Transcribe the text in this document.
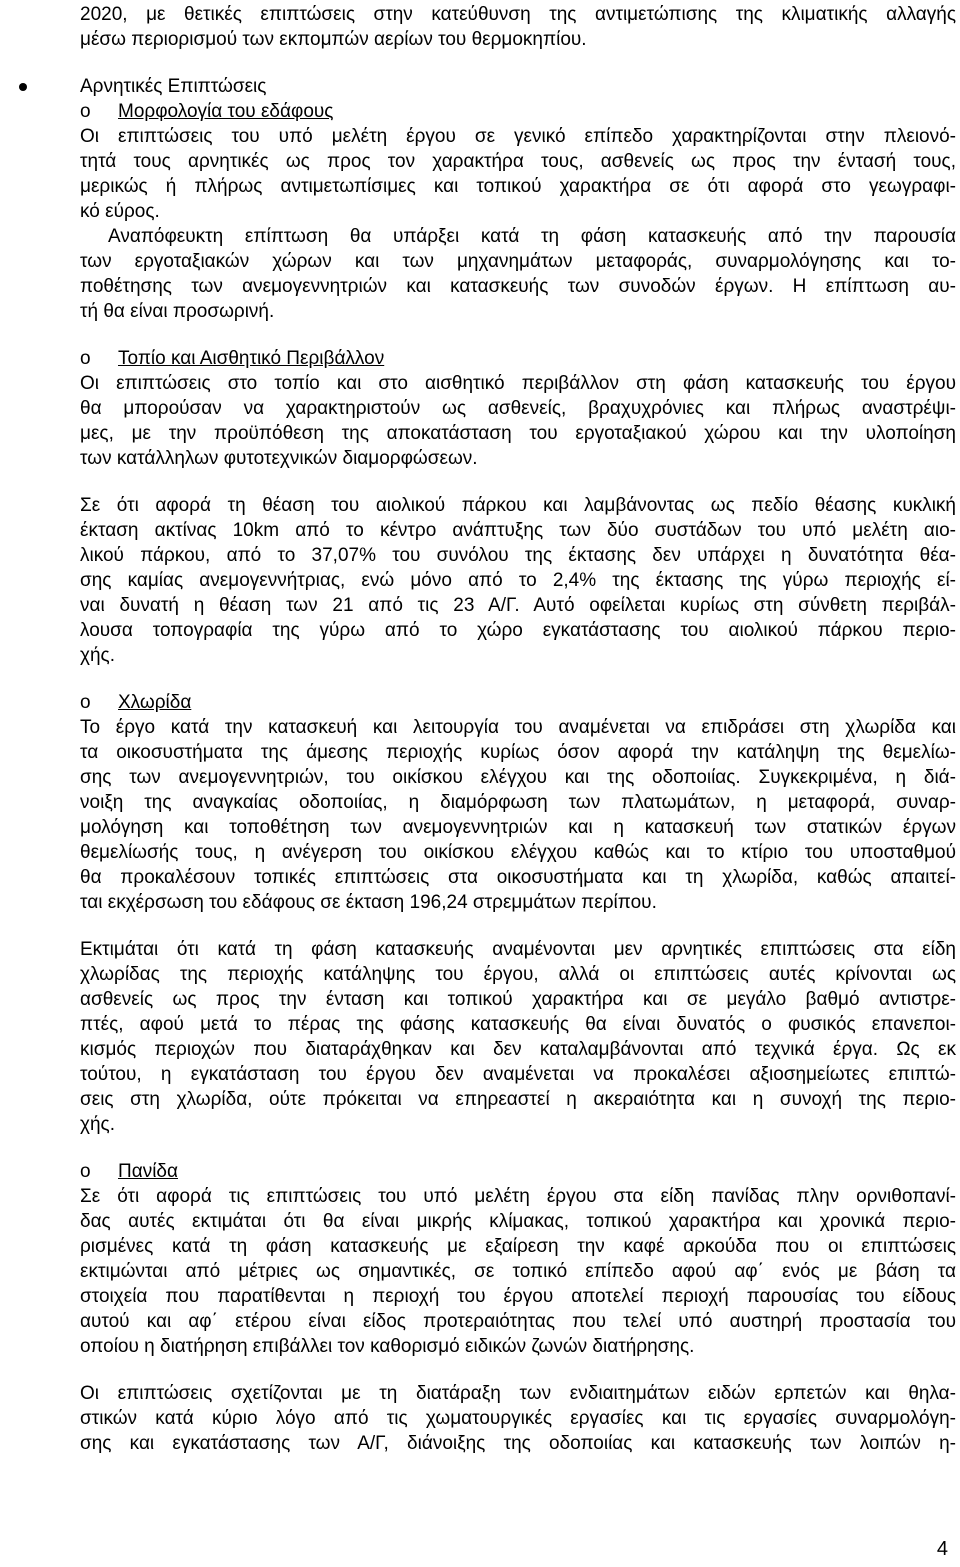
2020, με θετικές επιπτώσεις στην κατεύθυνση της αντιμετώπισης της κλιματικής αλλαγής
μέσω περιορισμού των εκπομπών αερίων του θερμοκηπίου.
Αρνητικές Επιπτώσεις
o Μορφολογία του εδάφους
Οι επιπτώσεις του υπό μελέτη έργου σε γενικό επίπεδο χαρακτηρίζονται στην πλειονό-
τητά τους αρνητικές ως προς τον χαρακτήρα τους, ασθενείς ως προς την έντασή τους,
μερικώς ή πλήρως αντιμετωπίσιμες και τοπικού χαρακτήρα σε ότι αφορά στο γεωγραφι-
κό εύρος.
Αναπόφευκτη επίπτωση θα υπάρξει κατά τη φάση κατασκευής από την παρουσία
των εργοταξιακών χώρων και των μηχανημάτων μεταφοράς, συναρμολόγησης και το-
ποθέτησης των ανεμογεννητριών και κατασκευής των συνοδών έργων. Η επίπτωση αυ-
τή θα είναι προσωρινή.
o Τοπίο και Αισθητικό Περιβάλλον
Οι επιπτώσεις στο τοπίο και στο αισθητικό περιβάλλον στη φάση κατασκευής του έργου
θα μπορούσαν να χαρακτηριστούν ως ασθενείς, βραχυχρόνιες και πλήρως αναστρέψι-
μες, με την προϋπόθεση της αποκατάσταση του εργοταξιακού χώρου και την υλοποίηση
των κατάλληλων φυτοτεχνικών διαμορφώσεων.
Σε ότι αφορά τη θέαση του αιολικού πάρκου και λαμβάνοντας ως πεδίο θέασης κυκλική
έκταση ακτίνας 10km από το κέντρο ανάπτυξης των δύο συστάδων του υπό μελέτη αιο-
λικού πάρκου, από το 37,07% του συνόλου της έκτασης δεν υπάρχει η δυνατότητα θέα-
σης καμίας ανεμογεννήτριας, ενώ μόνο από το 2,4% της έκτασης της γύρω περιοχής εί-
ναι δυνατή η θέαση των 21 από τις 23 Α/Γ. Αυτό οφείλεται κυρίως στη σύνθετη περιβάλ-
λουσα τοπογραφία της γύρω από το χώρο εγκατάστασης του αιολικού πάρκου περιο-
χής.
o Χλωρίδα
Το έργο κατά την κατασκευή και λειτουργία του αναμένεται να επιδράσει στη χλωρίδα και
τα οικοσυστήματα της άμεσης περιοχής κυρίως όσον αφορά την κατάληψη της θεμελίω-
σης των ανεμογεννητριών, του οικίσκου ελέγχου και της οδοποιίας. Συγκεκριμένα, η διά-
νοιξη της αναγκαίας οδοποιίας, η διαμόρφωση των πλατωμάτων, η μεταφορά, συναρ-
μολόγηση και τοποθέτηση των ανεμογεννητριών και η κατασκευή των στατικών έργων
θεμελίωσής τους, η ανέγερση του οικίσκου ελέγχου καθώς και το κτίριο του υποσταθμού
θα προκαλέσουν τοπικές επιπτώσεις στα οικοσυστήματα και τη χλωρίδα, καθώς απαιτεί-
ται εκχέρσωση του εδάφους σε έκταση 196,24 στρεμμάτων περίπου.
Εκτιμάται ότι κατά τη φάση κατασκευής αναμένονται μεν αρνητικές επιπτώσεις στα είδη
χλωρίδας της περιοχής κατάληψης του έργου, αλλά οι επιπτώσεις αυτές κρίνονται ως
ασθενείς ως προς την ένταση και τοπικού χαρακτήρα και σε μεγάλο βαθμό αντιστρε-
πτές, αφού μετά το πέρας της φάσης κατασκευής θα είναι δυνατός ο φυσικός επανεποι-
κισμός περιοχών που διαταράχθηκαν και δεν καταλαμβάνονται από τεχνικά έργα. Ως εκ
τούτου, η εγκατάσταση του έργου δεν αναμένεται να προκαλέσει αξιοσημείωτες επιπτώ-
σεις στη χλωρίδα, ούτε πρόκειται να επηρεαστεί η ακεραιότητα και η συνοχή της περιο-
χής.
o Πανίδα
Σε ότι αφορά τις επιπτώσεις του υπό μελέτη έργου στα είδη πανίδας πλην ορνιθοπανί-
δας αυτές εκτιμάται ότι θα είναι μικρής κλίμακας, τοπικού χαρακτήρα και χρονικά περιο-
ρισμένες κατά τη φάση κατασκευής με εξαίρεση την καφέ αρκούδα που οι επιπτώσεις
εκτιμώνται από μέτριες ως σημαντικές, σε τοπικό επίπεδο αφού αφ΄ ενός με βάση τα
στοιχεία που παρατίθενται η περιοχή του έργου αποτελεί περιοχή παρουσίας του είδους
αυτού και αφ΄ ετέρου είναι είδος προτεραιότητας που τελεί υπό αυστηρή προστασία του
οποίου η διατήρηση επιβάλλει τον καθορισμό ειδικών ζωνών διατήρησης.
Οι επιπτώσεις σχετίζονται με τη διατάραξη των ενδιαιτημάτων ειδών ερπετών και θηλα-
στικών κατά κύριο λόγο από τις χωματουργικές εργασίες και τις εργασίες συναρμολόγη-
σης και εγκατάστασης των Α/Γ, διάνοιξης της οδοποιίας και κατασκευής των λοιπών η-
4
